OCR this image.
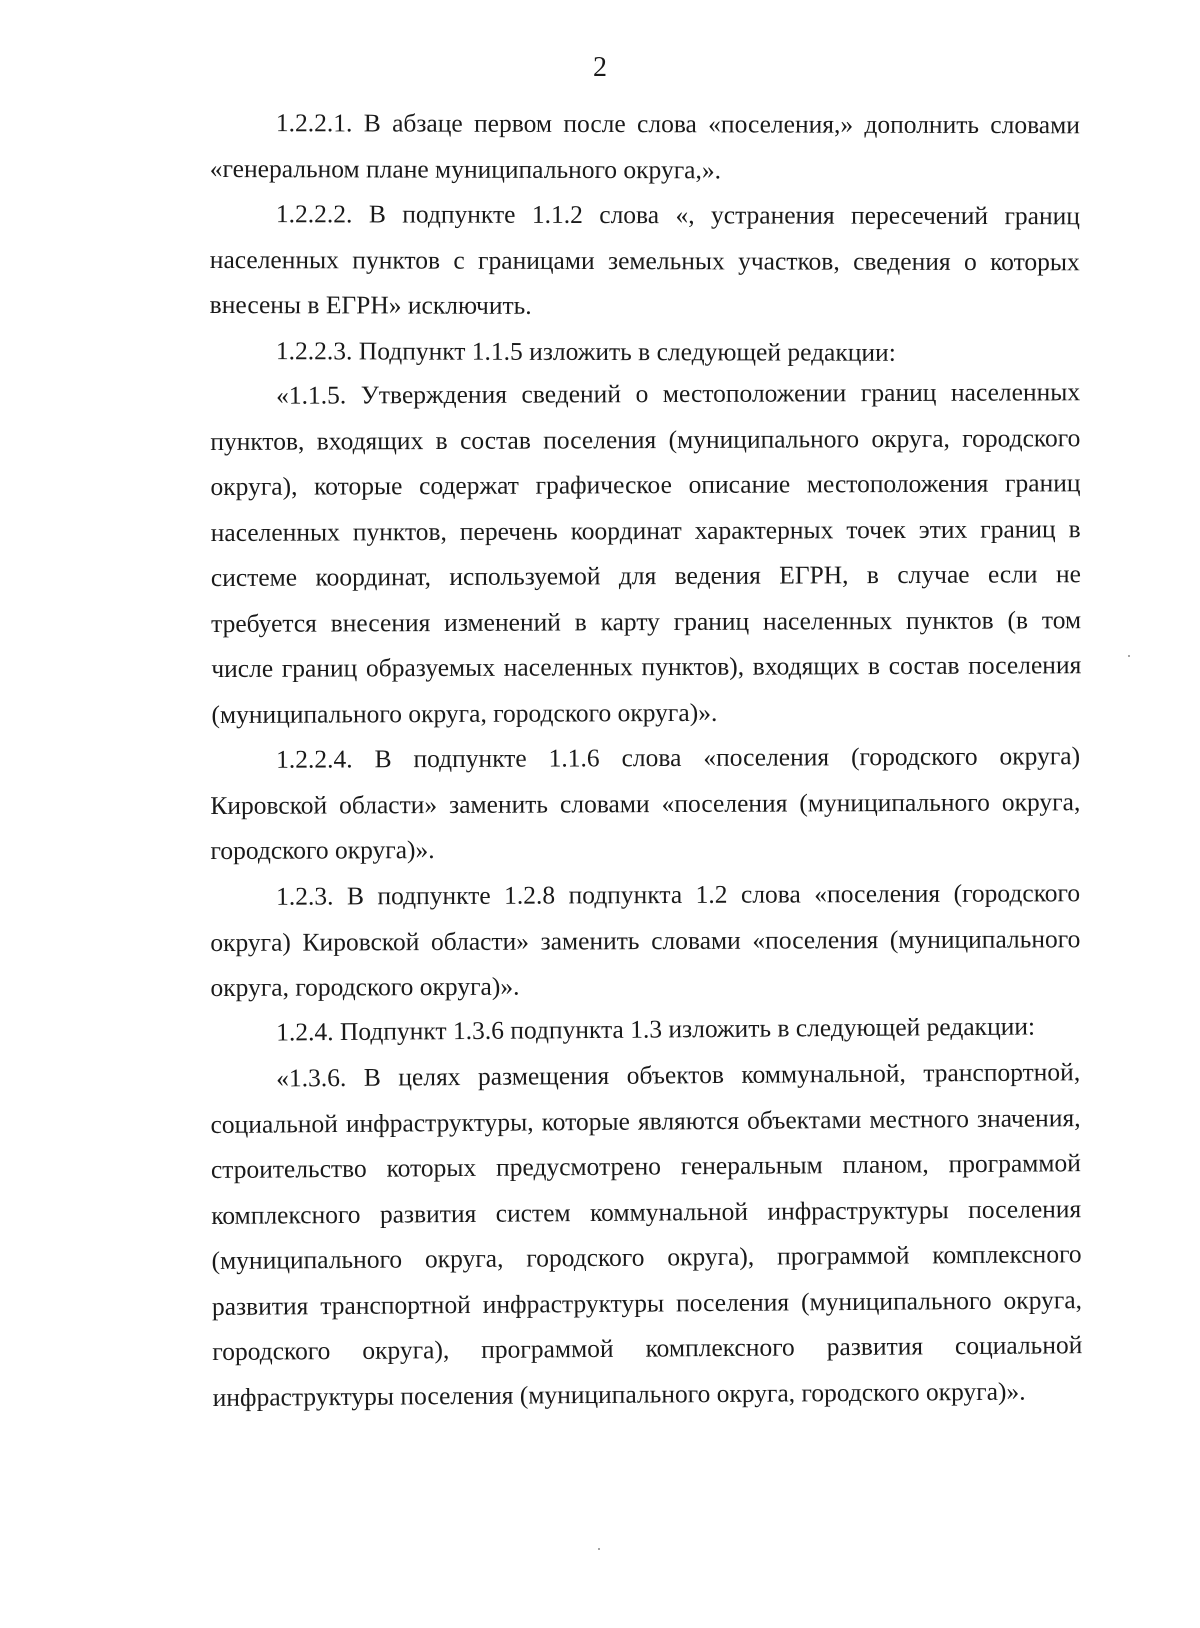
2

1.2.2.1. В абзаце первом после слова «поселения,» дополнить словами «генеральном плане муниципального округа,».

1.2.2.2. В подпункте 1.1.2 слова «, устранения пересечений границ населенных пунктов с границами земельных участков, сведения о которых внесены в ЕГРН» исключить.

1.2.2.3. Подпункт 1.1.5 изложить в следующей редакции:

«1.1.5. Утверждения сведений о местоположении границ населенных пунктов, входящих в состав поселения (муниципального округа, городского округа), которые содержат графическое описание местоположения границ населенных пунктов, перечень координат характерных точек этих границ в системе координат, используемой для ведения ЕГРН, в случае если не требуется внесения изменений в карту границ населенных пунктов (в том числе границ образуемых населенных пунктов), входящих в состав поселения (муниципального округа, городского округа)».

1.2.2.4. В подпункте 1.1.6 слова «поселения (городского округа) Кировской области» заменить словами «поселения (муниципального округа, городского округа)».

1.2.3. В подпункте 1.2.8 подпункта 1.2 слова «поселения (городского округа) Кировской области» заменить словами «поселения (муниципального округа, городского округа)».

1.2.4. Подпункт 1.3.6 подпункта 1.3 изложить в следующей редакции:

«1.3.6. В целях размещения объектов коммунальной, транспортной, социальной инфраструктуры, которые являются объектами местного значения, строительство которых предусмотрено генеральным планом, программой комплексного развития систем коммунальной инфраструктуры поселения (муниципального округа, городского округа), программой комплексного развития транспортной инфраструктуры поселения (муниципального округа, городского округа), программой комплексного развития социальной инфраструктуры поселения (муниципального округа, городского округа)».
